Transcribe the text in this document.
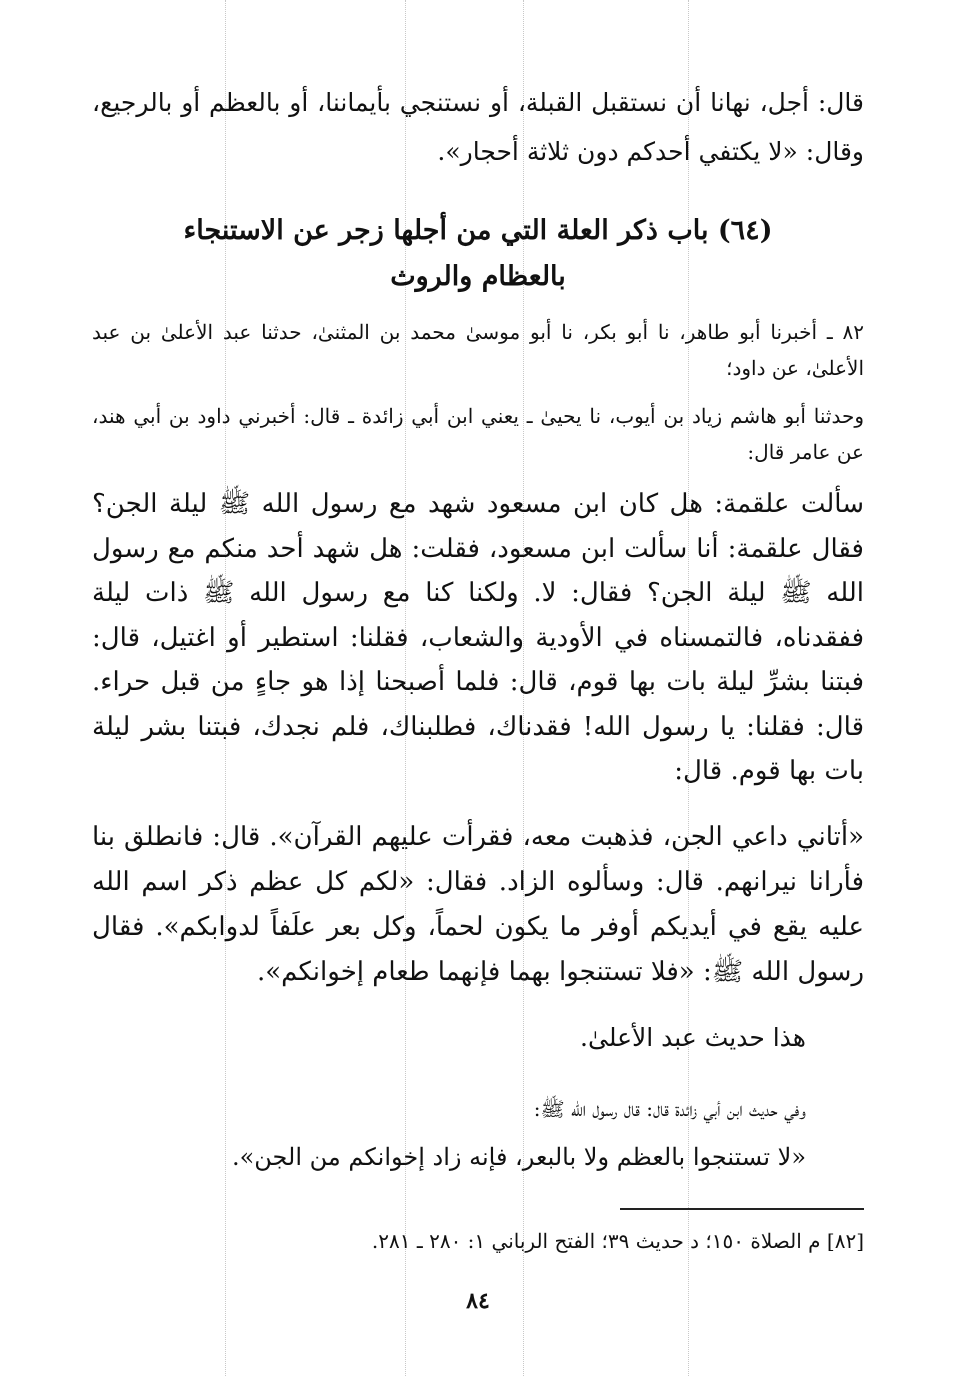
قال: أجل، نهانا أن نستقبل القبلة، أو نستنجي بأيماننا، أو بالعظم أو بالرجيع، وقال: «لا يكتفي أحدكم دون ثلاثة أحجار».

(٦٤) باب ذكر العلة التي من أجلها زجر عن الاستنجاء بالعظام والروث

٨٢ ـ أخبرنا أبو طاهر، نا أبو بكر، نا أبو موسىٰ محمد بن المثنىٰ، حدثنا عبد الأعلىٰ بن عبد الأعلىٰ، عن داود؛

وحدثنا أبو هاشم زياد بن أيوب، نا يحيىٰ ـ يعني ابن أبي زائدة ـ قال: أخبرني داود بن أبي هند، عن عامر قال:

سألت علقمة: هل كان ابن مسعود شهد مع رسول الله ﷺ ليلة الجن؟ فقال علقمة: أنا سألت ابن مسعود، فقلت: هل شهد أحد منكم مع رسول الله ﷺ ليلة الجن؟ فقال: لا. ولكنا كنا مع رسول الله ﷺ ذات ليلة ففقدناه، فالتمسناه في الأودية والشعاب، فقلنا: استطير أو اغتيل، قال: فبتنا بشرِّ ليلة بات بها قوم، قال: فلما أصبحنا إذا هو جاءٍ من قبل حراء. قال: فقلنا: يا رسول الله! فقدناك، فطلبناك، فلم نجدك، فبتنا بشر ليلة بات بها قوم. قال:

«أتاني داعي الجن، فذهبت معه، فقرأت عليهم القرآن». قال: فانطلق بنا فأرانا نيرانهم. قال: وسألوه الزاد. فقال: «لكم كل عظم ذكر اسم الله عليه يقع في أيديكم أوفر ما يكون لحماً، وكل بعر علَفاً لدوابكم». فقال رسول الله ﷺ: «فلا تستنجوا بهما فإنهما طعام إخوانكم».

هذا حديث عبد الأعلىٰ.

وفي حديث ابن أبي زائدة قال: قال رسول الله ﷺ:

«لا تستنجوا بالعظم ولا بالبعر، فإنه زاد إخوانكم من الجن».

[٨٢] م الصلاة ١٥٠؛ د حديث ٣٩؛ الفتح الرباني ١: ٢٨٠ ـ ٢٨١.

٨٤
